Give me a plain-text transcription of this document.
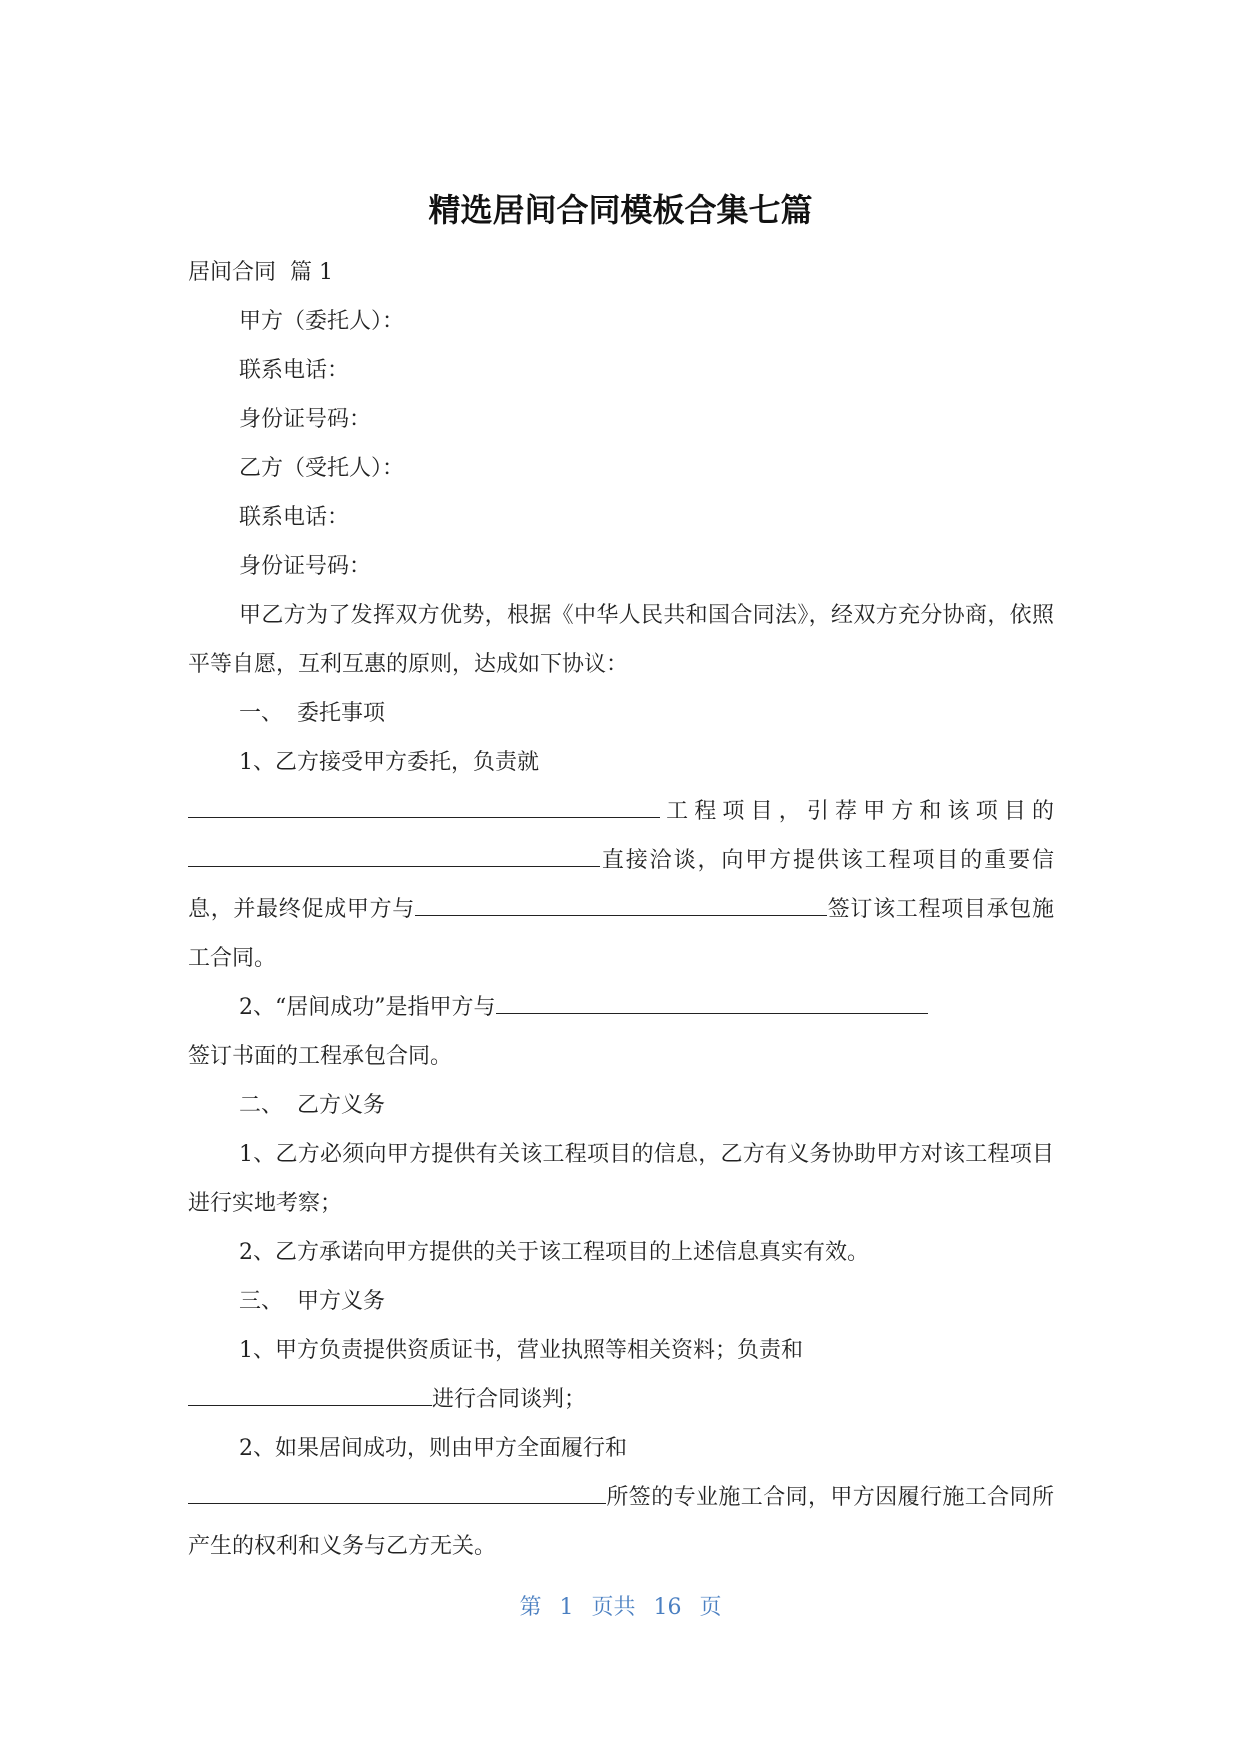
精选居间合同模板合集七篇

居间合同  篇 1

甲方（委托人）：

联系电话：

身份证号码：

乙方（受托人）：

联系电话：

身份证号码：

甲乙方为了发挥双方优势，根据《中华人民共和国合同法》，经双方充分协商，依照平等自愿，互利互惠的原则，达成如下协议：

一、  委托事项

1、乙方接受甲方委托，负责就
工程项目，引荐甲方和该项目的直接洽谈，向甲方提供该工程项目的重要信息，并最终促成甲方与	签订该工程项目承包施工合同。

2、“居间成功”是指甲方与
签订书面的工程承包合同。

二、  乙方义务

1、乙方必须向甲方提供有关该工程项目的信息，乙方有义务协助甲方对该工程项目进行实地考察；

2、乙方承诺向甲方提供的关于该工程项目的上述信息真实有效。

三、  甲方义务

1、甲方负责提供资质证书，营业执照等相关资料；负责和
进行合同谈判；

2、如果居间成功，则由甲方全面履行和
所签的专业施工合同，甲方因履行施工合同所产生的权利和义务与乙方无关。

第 1 页共 16 页
